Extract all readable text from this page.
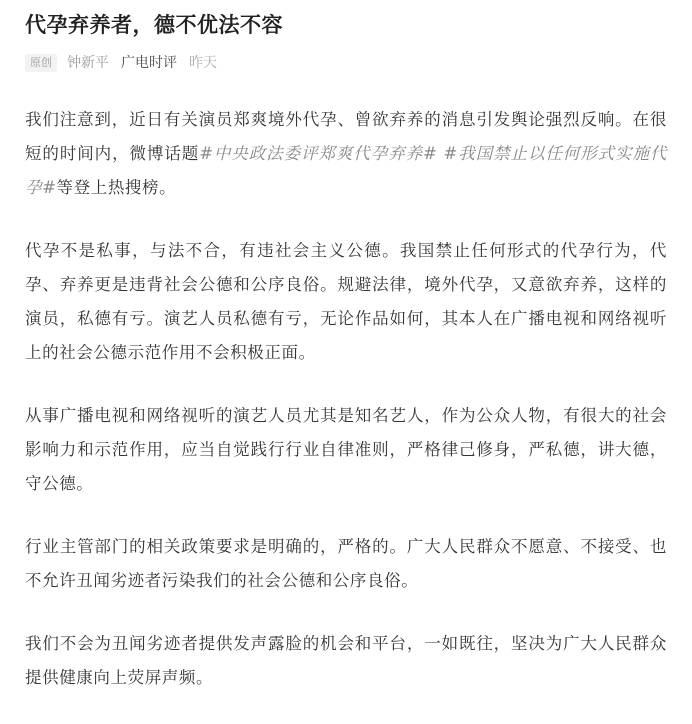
代孕弃养者，德不优法不容
原创	钟新平 广电时评 昨天

我们注意到，近日有关演员郑爽境外代孕、曾欲弃养的消息引发舆论强烈反响。在很短的时间内，微博话题#中央政法委评郑爽代孕弃养# #我国禁止以任何形式实施代孕#等登上热搜榜。

代孕不是私事，与法不合，有违社会主义公德。我国禁止任何形式的代孕行为，代孕、弃养更是违背社会公德和公序良俗。规避法律，境外代孕，又意欲弃养，这样的演员，私德有亏。演艺人员私德有亏，无论作品如何，其本人在广播电视和网络视听上的社会公德示范作用不会积极正面。

从事广播电视和网络视听的演艺人员尤其是知名艺人，作为公众人物，有很大的社会影响力和示范作用，应当自觉践行行业自律准则，严格律己修身，严私德，讲大德，守公德。

行业主管部门的相关政策要求是明确的，严格的。广大人民群众不愿意、不接受、也不允许丑闻劣迹者污染我们的社会公德和公序良俗。

我们不会为丑闻劣迹者提供发声露脸的机会和平台，一如既往，坚决为广大人民群众提供健康向上荧屏声频。
